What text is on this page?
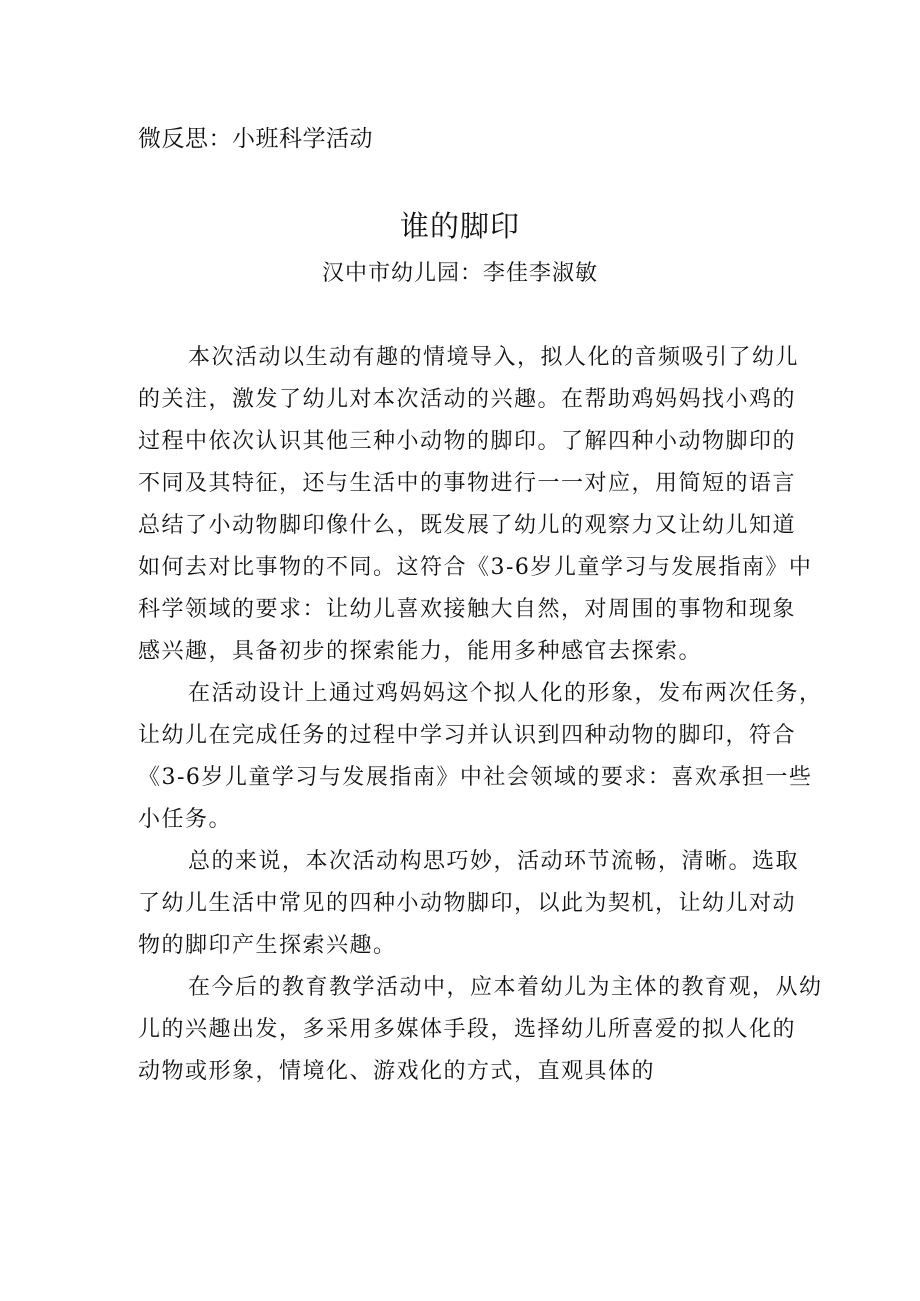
微反思：小班科学活动
谁的脚印
汉中市幼儿园：李佳李淑敏
本次活动以生动有趣的情境导入，拟人化的音频吸引了幼儿
的关注，激发了幼儿对本次活动的兴趣。在帮助鸡妈妈找小鸡的
过程中依次认识其他三种小动物的脚印。了解四种小动物脚印的
不同及其特征，还与生活中的事物进行一一对应，用简短的语言
总结了小动物脚印像什么，既发展了幼儿的观察力又让幼儿知道
如何去对比事物的不同。这符合《3-6岁儿童学习与发展指南》中
科学领域的要求：让幼儿喜欢接触大自然，对周围的事物和现象
感兴趣，具备初步的探索能力，能用多种感官去探索。
在活动设计上通过鸡妈妈这个拟人化的形象，发布两次任务，
让幼儿在完成任务的过程中学习并认识到四种动物的脚印，符合
《3-6岁儿童学习与发展指南》中社会领域的要求：喜欢承担一些
小任务。
总的来说，本次活动构思巧妙，活动环节流畅，清晰。选取
了幼儿生活中常见的四种小动物脚印，以此为契机，让幼儿对动
物的脚印产生探索兴趣。
在今后的教育教学活动中，应本着幼儿为主体的教育观，从幼
儿的兴趣出发，多采用多媒体手段，选择幼儿所喜爱的拟人化的
动物或形象，情境化、游戏化的方式，直观具体的
